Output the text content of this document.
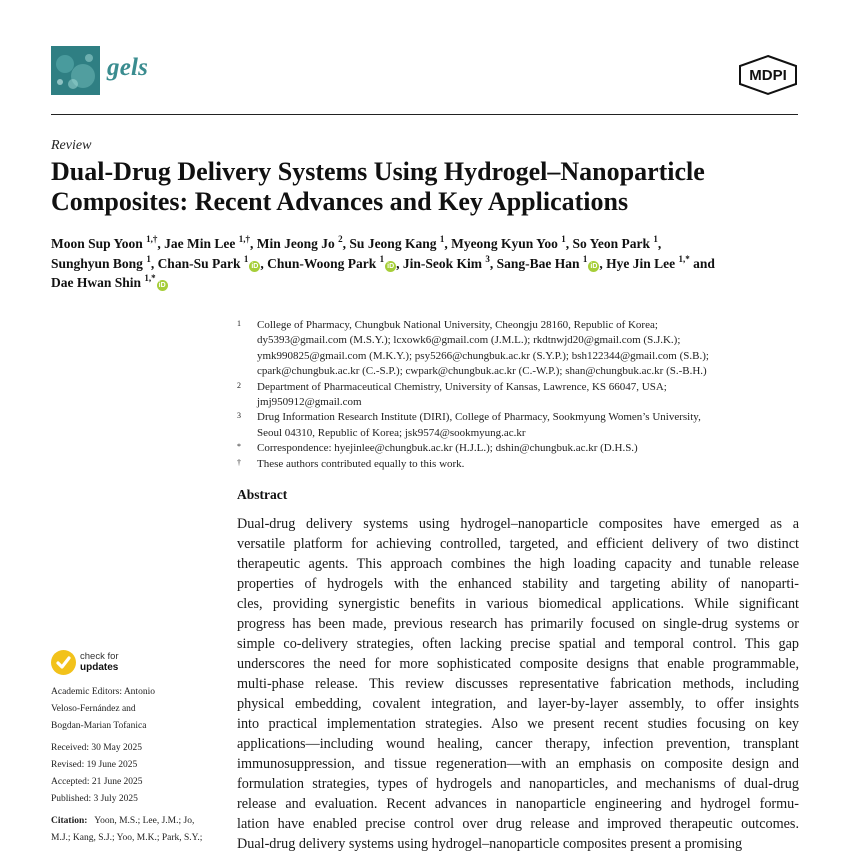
gels	MDPI
Review
Dual-Drug Delivery Systems Using Hydrogel–Nanoparticle
Composites: Recent Advances and Key Applications
Moon Sup Yoon $^{1,\dagger}$, Jae Min Lee $^{1,\dagger}$, Min Jeong Jo $^2$, Su Jeong Kang $^1$, Myeong Kyun Yoo $^1$, So Yeon Park $^1$,
Sunghyun Bong $^1$, Chan-Su Park $^1$iD , Chun-Woong Park $^1$iD , Jin-Seok Kim $^3$, Sang-Bae Han $^1$iD , Hye Jin Lee $^{1,*}$ and
Dae Hwan Shin $^{1,*}$iD
1 College of Pharmacy, Chungbuk National University, Cheongju 28160, Republic of Korea;
dy5393@gmail.com (M.S.Y.); lcxowk6@gmail.com (J.M.L.); rkdtnwjd20@gmail.com (S.J.K.);
ymk990825@gmail.com (M.K.Y.); psy5266@chungbuk.ac.kr (S.Y.P.); bsh122344@gmail.com (S.B.);
cpark@chungbuk.ac.kr (C.-S.P.); cwpark@chungbuk.ac.kr (C.-W.P.); shan@chungbuk.ac.kr (S.-B.H.)
2 Department of Pharmaceutical Chemistry, University of Kansas, Lawrence, KS 66047, USA;
jmj950912@gmail.com
3 Drug Information Research Institute (DIRI), College of Pharmacy, Sookmyung Women’s University,
Seoul 04310, Republic of Korea; jsk9574@sookmyung.ac.kr
* Correspondence: hyejinlee@chungbuk.ac.kr (H.J.L.); dshin@chungbuk.ac.kr (D.H.S.)
† These authors contributed equally to this work.
Abstract
Dual-drug delivery systems using hydrogel–nanoparticle composites have emerged as a
versatile platform for achieving controlled, targeted, and efficient delivery of two distinct
therapeutic agents. This approach combines the high loading capacity and tunable release
properties of hydrogels with the enhanced stability and targeting ability of nanoparti-
cles, providing synergistic benefits in various biomedical applications. While significant
progress has been made, previous research has primarily focused on single-drug systems or
simple co-delivery strategies, often lacking precise spatial and temporal control. This gap
underscores the need for more sophisticated composite designs that enable programmable,
multi-phase release. This review discusses representative fabrication methods, including
physical embedding, covalent integration, and layer-by-layer assembly, to offer insights
into practical implementation strategies. Also we present recent studies focusing on key
applications—including wound healing, cancer therapy, infection prevention, transplant
immunosuppression, and tissue regeneration—with an emphasis on composite design and
formulation strategies, types of hydrogels and nanoparticles, and mechanisms of dual-drug
release and evaluation. Recent advances in nanoparticle engineering and hydrogel formu-
lation have enabled precise control over drug release and improved therapeutic outcomes.
Dual-drug delivery systems using hydrogel–nanoparticle composites present a promising
check for
updates
Academic Editors: Antonio
Veloso-Fernández and
Bogdan-Marian Tofanica
Received: 30 May 2025
Revised: 19 June 2025
Accepted: 21 June 2025
Published: 3 July 2025
Citation: Yoon, M.S.; Lee, J.M.; Jo,
M.J.; Kang, S.J.; Yoo, M.K.; Park, S.Y.;
